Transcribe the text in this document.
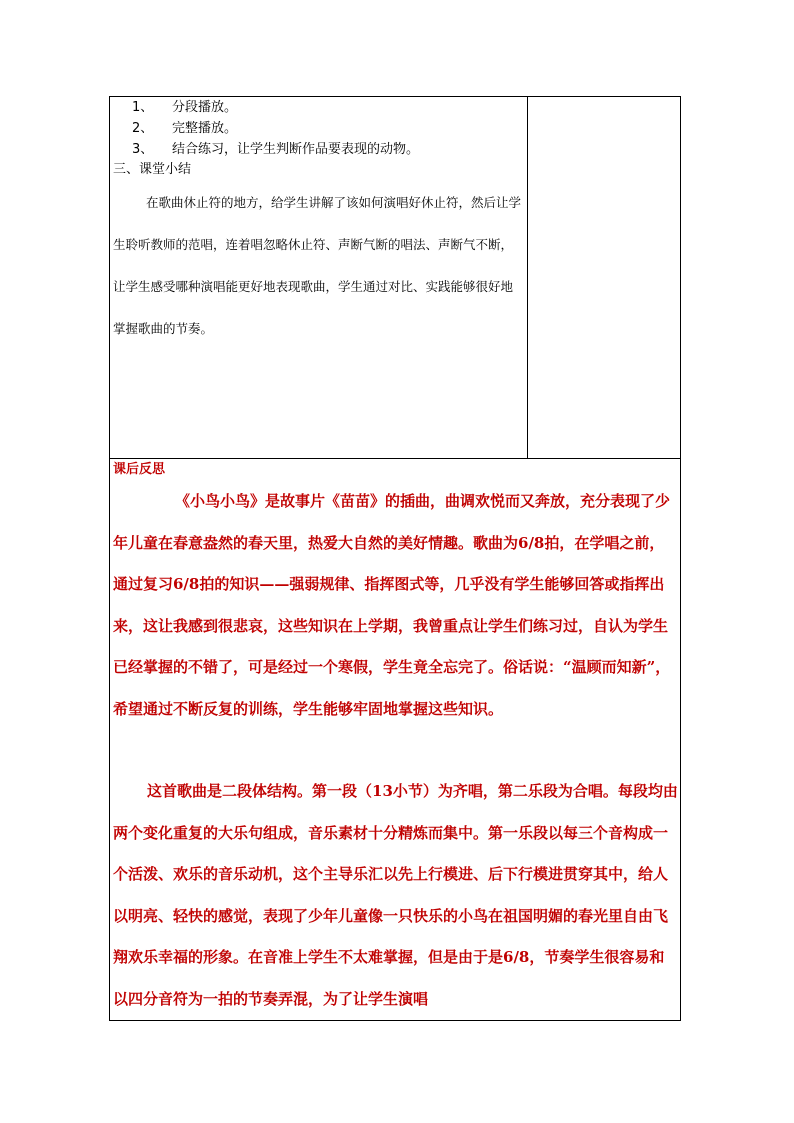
1、 分段播放。
2、 完整播放。
3、 结合练习，让学生判断作品要表现的动物。
三、课堂小结

在歌曲休止符的地方，给学生讲解了该如何演唱好休止符，然后让学生聆听教师的范唱，连着唱忽略休止符、声断气断的唱法、声断气不断，让学生感受哪种演唱能更好地表现歌曲，学生通过对比、实践能够很好地掌握歌曲的节奏。

课后反思

《小鸟小鸟》是故事片《苗苗》的插曲，曲调欢悦而又奔放，充分表现了少年儿童在春意盎然的春天里，热爱大自然的美好情趣。歌曲为6/8拍，在学唱之前，通过复习6/8拍的知识——强弱规律、指挥图式等，几乎没有学生能够回答或指挥出来，这让我感到很悲哀，这些知识在上学期，我曾重点让学生们练习过，自认为学生已经掌握的不错了，可是经过一个寒假，学生竟全忘完了。俗话说：“温顾而知新”，希望通过不断反复的训练，学生能够牢固地掌握这些知识。

这首歌曲是二段体结构。第一段（13小节）为齐唱，第二乐段为合唱。每段均由两个变化重复的大乐句组成，音乐素材十分精炼而集中。第一乐段以每三个音构成一个活泼、欢乐的音乐动机，这个主导乐汇以先上行模进、后下行模进贯穿其中，给人以明亮、轻快的感觉，表现了少年儿童像一只快乐的小鸟在祖国明媚的春光里自由飞翔欢乐幸福的形象。在音准上学生不太难掌握，但是由于是6/8，节奏学生很容易和以四分音符为一拍的节奏弄混，为了让学生演唱
